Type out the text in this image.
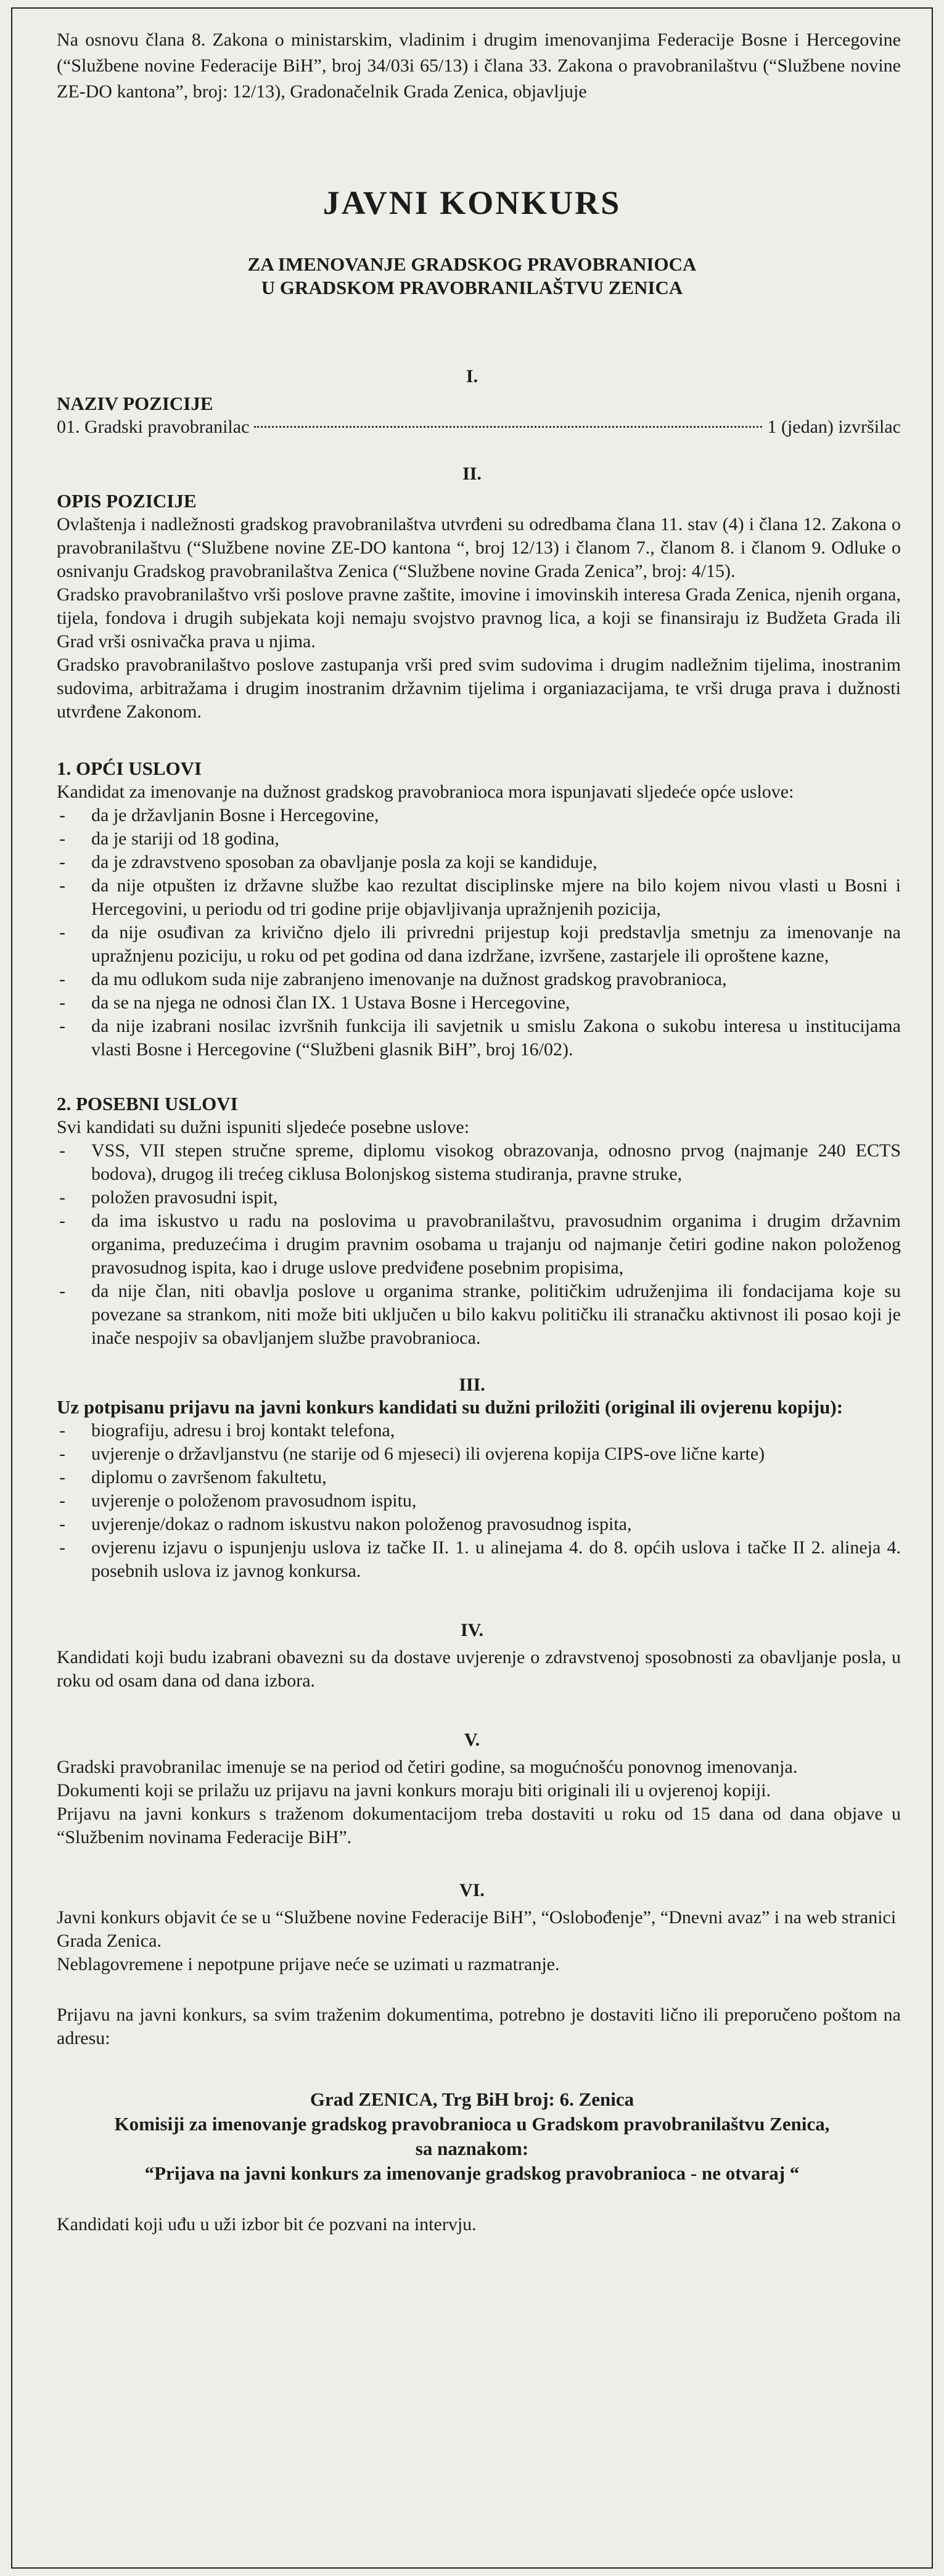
Na osnovu člana 8. Zakona o ministarskim, vladinim i drugim imenovanjima Federacije Bosne i Hercegovine (“Službene novine Federacije BiH”, broj 34/03i 65/13) i člana 33. Zakona o pravobranilaštvu (“Službene novine ZE-DO kantona”, broj: 12/13), Gradonačelnik Grada Zenica, objavljuje
JAVNI KONKURS
ZA IMENOVANJE GRADSKOG PRAVOBRANIOCA
U GRADSKOM PRAVOBRANILAŠTVU ZENICA
I.
NAZIV POZICIJE
01. Gradski pravobranilac	1 (jedan) izvršilac
II.
OPIS POZICIJE
Ovlaštenja i nadležnosti gradskog pravobranilaštva utvrđeni su odredbama člana 11. stav (4) i člana 12. Zakona o pravobranilaštvu (“Službene novine ZE-DO kantona “, broj 12/13) i članom 7., članom 8. i članom 9. Odluke o osnivanju Gradskog pravobranilaštva Zenica (“Službene novine Grada Zenica”, broj: 4/15).
Gradsko pravobranilaštvo vrši poslove pravne zaštite, imovine i imovinskih interesa Grada Zenica, njenih organa, tijela, fondova i drugih subjekata koji nemaju svojstvo pravnog lica, a koji se finansiraju iz Budžeta Grada ili Grad vrši osnivačka prava u njima.
Gradsko pravobranilaštvo poslove zastupanja vrši pred svim sudovima i drugim nadležnim tijelima, inostranim sudovima, arbitražama i drugim inostranim državnim tijelima i organiazacijama, te vrši druga prava i dužnosti utvrđene Zakonom.
1. OPĆI USLOVI
Kandidat za imenovanje na dužnost gradskog pravobranioca mora ispunjavati sljedeće opće uslove:
- da je državljanin Bosne i Hercegovine,
- da je stariji od 18 godina,
- da je zdravstveno sposoban za obavljanje posla za koji se kandiduje,
- da nije otpušten iz državne službe kao rezultat disciplinske mjere na bilo kojem nivou vlasti u Bosni i Hercegovini, u periodu od tri godine prije objavljivanja upražnjenih pozicija,
- da nije osuđivan za krivično djelo ili privredni prijestup koji predstavlja smetnju za imenovanje na upražnjenu poziciju, u roku od pet godina od dana izdržane, izvršene, zastarjele ili oproštene kazne,
- da mu odlukom suda nije zabranjeno imenovanje na dužnost gradskog pravobranioca,
- da se na njega ne odnosi član IX. 1 Ustava Bosne i Hercegovine,
- da nije izabrani nosilac izvršnih funkcija ili savjetnik u smislu Zakona o sukobu interesa u institucijama vlasti Bosne i Hercegovine (“Službeni glasnik BiH”, broj 16/02).
2. POSEBNI USLOVI
Svi kandidati su dužni ispuniti sljedeće posebne uslove:
- VSS, VII stepen stručne spreme, diplomu visokog obrazovanja, odnosno prvog (najmanje 240 ECTS bodova), drugog ili trećeg ciklusa Bolonjskog sistema studiranja, pravne struke,
- položen pravosudni ispit,
- da ima iskustvo u radu na poslovima u pravobranilaštvu, pravosudnim organima i drugim državnim organima, preduzećima i drugim pravnim osobama u trajanju od najmanje četiri godine nakon položenog pravosudnog ispita, kao i druge uslove predviđene posebnim propisima,
- da nije član, niti obavlja poslove u organima stranke, političkim udruženjima ili fondacijama koje su povezane sa strankom, niti može biti uključen u bilo kakvu političku ili stranačku aktivnost ili posao koji je inače nespojiv sa obavljanjem službe pravobranioca.
III.
Uz potpisanu prijavu na javni konkurs kandidati su dužni priložiti (original ili ovjerenu kopiju):
- biografiju, adresu i broj kontakt telefona,
- uvjerenje o državljanstvu (ne starije od 6 mjeseci) ili ovjerena kopija CIPS-ove lične karte)
- diplomu o završenom fakultetu,
- uvjerenje o položenom pravosudnom ispitu,
- uvjerenje/dokaz o radnom iskustvu nakon položenog pravosudnog ispita,
- ovjerenu izjavu o ispunjenju uslova iz tačke II. 1. u alinejama 4. do 8. općih uslova i tačke II 2. alineja 4. posebnih uslova iz javnog konkursa.
IV.
Kandidati koji budu izabrani obavezni su da dostave uvjerenje o zdravstvenoj sposobnosti za obavljanje posla, u roku od osam dana od dana izbora.
V.
Gradski pravobranilac imenuje se na period od četiri godine, sa mogućnošću ponovnog imenovanja.
Dokumenti koji se prilažu uz prijavu na javni konkurs moraju biti originali ili u ovjerenoj kopiji.
Prijavu na javni konkurs s traženom dokumentacijom treba dostaviti u roku od 15 dana od dana objave u “Službenim novinama Federacije BiH”.
VI.
Javni konkurs objavit će se u “Službene novine Federacije BiH”, “Oslobođenje”, “Dnevni avaz” i na web stranici Grada Zenica.
Neblagovremene i nepotpune prijave neće se uzimati u razmatranje.
Prijavu na javni konkurs, sa svim traženim dokumentima, potrebno je dostaviti lično ili preporučeno poštom na adresu:
Grad ZENICA, Trg BiH broj: 6. Zenica
Komisiji za imenovanje gradskog pravobranioca u Gradskom pravobranilaštvu Zenica,
sa naznakom:
“Prijava na javni konkurs za imenovanje gradskog pravobranioca - ne otvaraj “
Kandidati koji uđu u uži izbor bit će pozvani na intervju.
